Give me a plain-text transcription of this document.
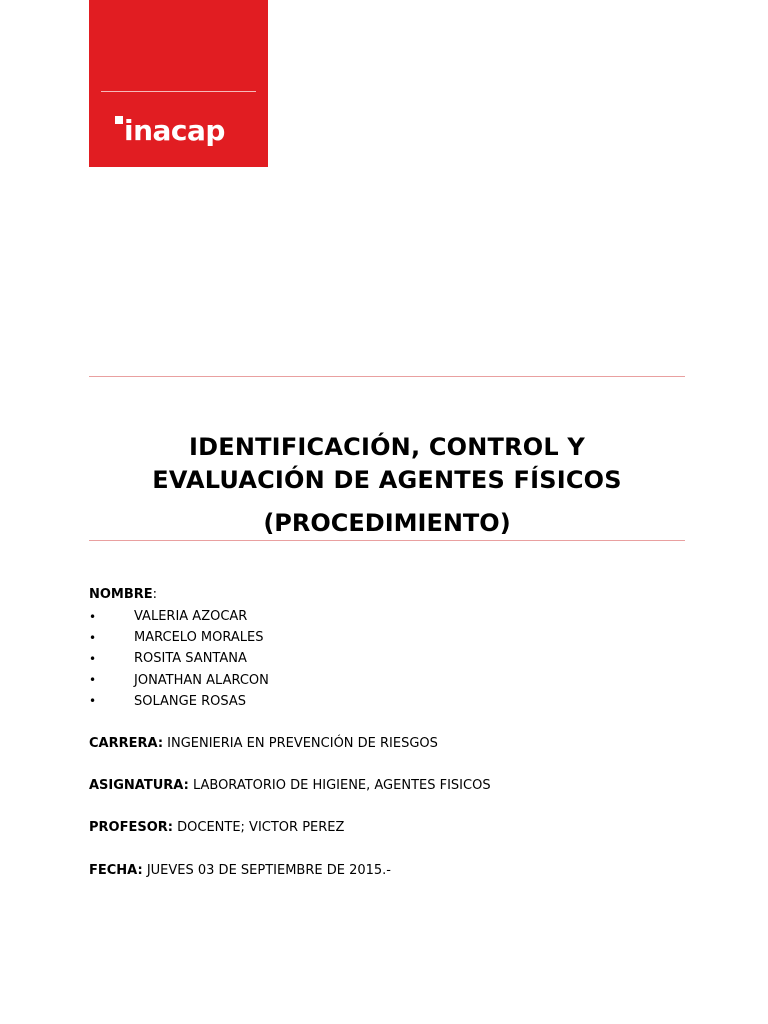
inacap
IDENTIFICACIÓN, CONTROL Y
EVALUACIÓN DE AGENTES FÍSICOS
(PROCEDIMIENTO)
NOMBRE:
•	VALERIA AZOCAR
•	MARCELO MORALES
•	ROSITA SANTANA
•	JONATHAN ALARCON
•	SOLANGE ROSAS
CARRERA: INGENIERIA EN PREVENCIÓN DE RIESGOS
ASIGNATURA: LABORATORIO DE HIGIENE, AGENTES FISICOS
PROFESOR: DOCENTE; VICTOR PEREZ
FECHA: JUEVES 03 DE SEPTIEMBRE DE 2015.-
